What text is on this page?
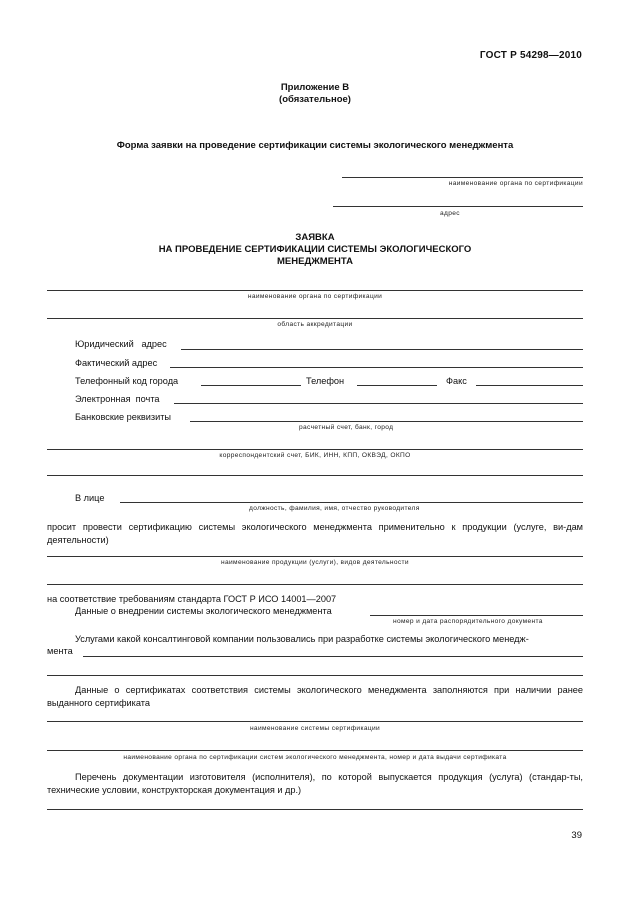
ГОСТ Р 54298—2010
Приложение В
(обязательное)
Форма заявки на проведение сертификации системы экологического менеджмента
наименование органа по сертификации
адрес
ЗАЯВКА
НА ПРОВЕДЕНИЕ СЕРТИФИКАЦИИ СИСТЕМЫ ЭКОЛОГИЧЕСКОГО
МЕНЕДЖМЕНТА
наименование органа по сертификации
область аккредитации
Юридический   адрес
Фактический адрес
Телефонный код города	Телефон	Факс
Электронная  почта
Банковские реквизиты
расчетный счет, банк, город
корреспондентский счет, БИК, ИНН, КПП, ОКВЭД, ОКПО
В лице
должность, фамилия, имя, отчество руководителя
просит провести сертификацию системы экологического менеджмента применительно к продукции (услуге, ви-дам деятельности)
наименование продукции (услуги), видов деятельности
на соответствие требованиям стандарта ГОСТ Р ИСО 14001—2007
Данные о внедрении системы экологического менеджмента
номер и дата распорядительного документа
Услугами какой консалтинговой компании пользовались при разработке системы экологического менедж-
мента
Данные о сертификатах соответствия системы экологического менеджмента заполняются при наличии ранее выданного сертификата
наименование системы сертификации
наименование органа по сертификации систем экологического менеджмента, номер и дата выдачи сертификата
Перечень документации изготовителя (исполнителя), по которой выпускается продукция (услуга) (стандар-ты, технические условии, конструкторская документация и др.)
39
